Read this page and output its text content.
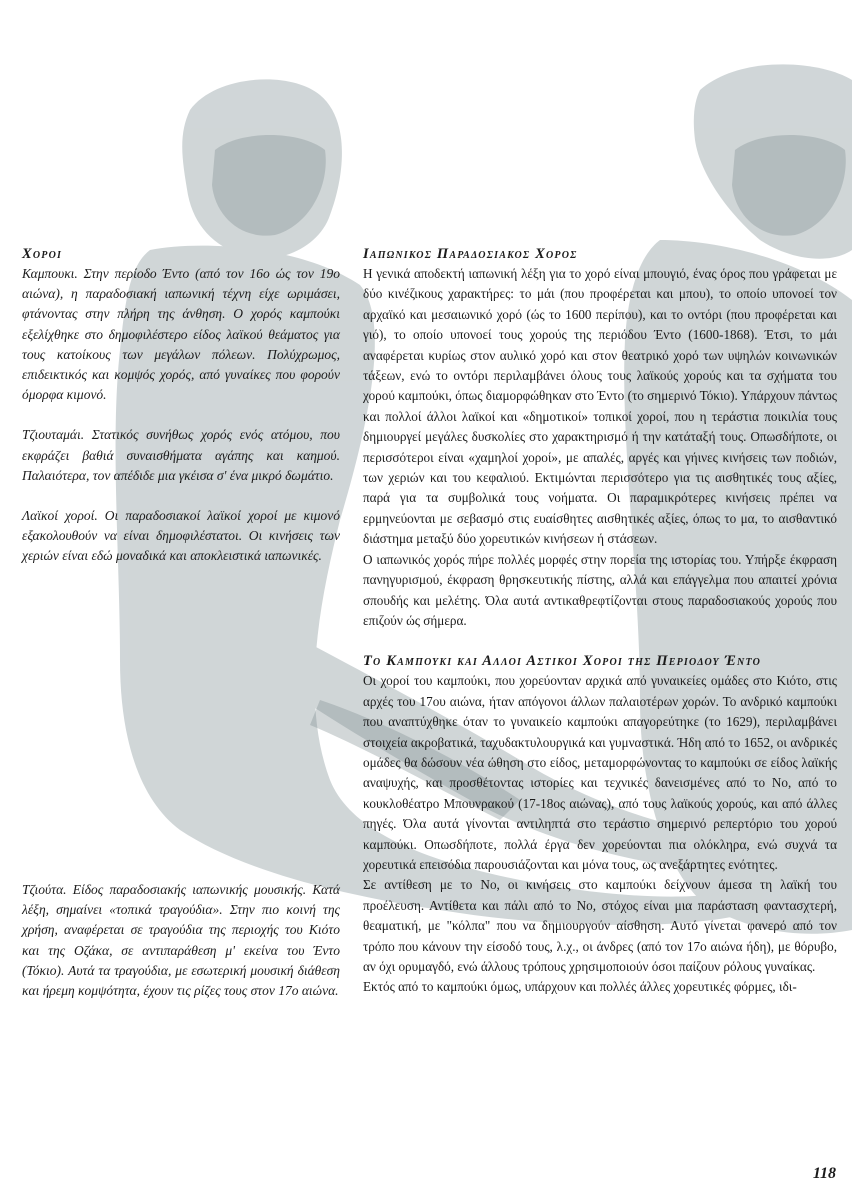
Χοροι

Καμπουκι. Στην περίοδο Έντο (από τον 16ο ώς τον 19ο αιώνα), η παραδοσιακή ιαπωνική τέχνη είχε ωριμάσει, φτάνοντας στην πλήρη της άνθηση. Ο χορός καμπούκι εξελίχθηκε στο δημοφιλέστερο είδος λαϊκού θεάματος για τους κατοίκους των μεγάλων πόλεων. Πολύχρωμος, επιδεικτικός και κομψός χορός, από γυναίκες που φορούν όμορφα κιμονό.

Τζιουταμάι. Στατικός συνήθως χορός ενός ατόμου, που εκφράζει βαθιά συναισθήματα αγάπης και καημού. Παλαιότερα, τον απέδιδε μια γκέισα σ' ένα μικρό δωμάτιο.

Λαϊκοί χοροί. Οι παραδοσιακοί λαϊκοί χοροί με κιμονό εξακολουθούν να είναι δημοφιλέστατοι. Οι κινήσεις των χεριών είναι εδώ μοναδικά και αποκλειστικά ιαπωνικές.

Τζιούτα. Είδος παραδοσιακής ιαπωνικής μουσικής. Κατά λέξη, σημαίνει «τοπικά τραγούδια». Στην πιο κοινή της χρήση, αναφέρεται σε τραγούδια της περιοχής του Κιότο και της Οζάκα, σε αντιπαράθεση μ' εκείνα του Έντο (Τόκιο). Αυτά τα τραγούδια, με εσωτερική μουσική διάθεση και ήρεμη κομψότητα, έχουν τις ρίζες τους στον 17ο αιώνα.

Ιαπωνικος Παραδοσιακος Χορος

Η γενικά αποδεκτή ιαπωνική λέξη για το χορό είναι μπουγιό, ένας όρος που γράφεται με δύο κινέζικους χαρακτήρες: το μάι (που προφέρεται και μπου), το οποίο υπονοεί τον αρχαϊκό και μεσαιωνικό χορό (ώς το 1600 περίπου), και το οντόρι (που προφέρεται και γιό), το οποίο υπονοεί τους χορούς της περιόδου Έντο (1600-1868). Έτσι, το μάι αναφέρεται κυρίως στον αυλικό χορό και στον θεατρικό χορό των υψηλών κοινωνικών τάξεων, ενώ το οντόρι περιλαμβάνει όλους τους λαϊκούς χορούς και τα σχήματα του χορού καμπούκι, όπως διαμορφώθηκαν στο Έντο (το σημερινό Τόκιο). Υπάρχουν πάντως και πολλοί άλλοι λαϊκοί και «δημοτικοί» τοπικοί χοροί, που η τεράστια ποικιλία τους δημιουργεί μεγάλες δυσκολίες στο χαρακτηρισμό ή την κατάταξή τους. Οπωσδήποτε, οι περισσότεροι είναι «χαμηλοί χοροί», με απαλές, αργές και γήινες κινήσεις των ποδιών, των χεριών και του κεφαλιού. Εκτιμώνται περισσότερο για τις αισθητικές τους αξίες, παρά για τα συμβολικά τους νοήματα. Οι παραμικρότερες κινήσεις πρέπει να ερμηνεύονται με σεβασμό στις ευαίσθητες αισθητικές αξίες, όπως το μα, το αισθαντικό διάστημα μεταξύ δύο χορευτικών κινήσεων ή στάσεων.

Ο ιαπωνικός χορός πήρε πολλές μορφές στην πορεία της ιστορίας του. Υπήρξε έκφραση πανηγυρισμού, έκφραση θρησκευτικής πίστης, αλλά και επάγγελμα που απαιτεί χρόνια σπουδής και μελέτης. Όλα αυτά αντικαθρεφτίζονται στους παραδοσιακούς χορούς που επιζούν ώς σήμερα.

Το Καμπουκι και Αλλοι Αστικοι Χοροι της Περιοδου Έντο

Οι χοροί του καμπούκι, που χορεύονταν αρχικά από γυναικείες ομάδες στο Κιότο, στις αρχές του 17ου αιώνα, ήταν απόγονοι άλλων παλαιοτέρων χορών. Το ανδρικό καμπούκι που αναπτύχθηκε όταν το γυναικείο καμπούκι απαγορεύτηκε (το 1629), περιλαμβάνει στοιχεία ακροβατικά, ταχυδακτυλουργικά και γυμναστικά. Ήδη από το 1652, οι ανδρικές ομάδες θα δώσουν νέα ώθηση στο είδος, μεταμορφώνοντας το καμπούκι σε είδος λαϊκής αναψυχής, και προσθέτοντας ιστορίες και τεχνικές δανεισμένες από το Νο, από το κουκλοθέατρο Μπουνρακού (17-18ος αιώνας), από τους λαϊκούς χορούς, και από άλλες πηγές. Όλα αυτά γίνονται αντιληπτά στο τεράστιο σημερινό ρεπερτόριο του χορού καμπούκι. Οπωσδήποτε, πολλά έργα δεν χορεύονται πια ολόκληρα, ενώ συχνά τα χορευτικά επεισόδια παρουσιάζονται και μόνα τους, ως ανεξάρτητες ενότητες.

Σε αντίθεση με το Νο, οι κινήσεις στο καμπούκι δείχνουν άμεσα τη λαϊκή του προέλευση. Αντίθετα και πάλι από το Νο, στόχος είναι μια παράσταση φαντασχτερή, θεαματική, με "κόλπα" που να δημιουργούν αίσθηση. Αυτό γίνεται φανερό από τον τρόπο που κάνουν την είσοδό τους, λ.χ., οι άνδρες (από τον 17ο αιώνα ήδη), με θόρυβο, αν όχι ορυμαγδό, ενώ άλλους τρόπους χρησιμοποιούν όσοι παίζουν ρόλους γυναίκας.

Εκτός από το καμπούκι όμως, υπάρχουν και πολλές άλλες χορευτικές φόρμες, ιδι-

118
